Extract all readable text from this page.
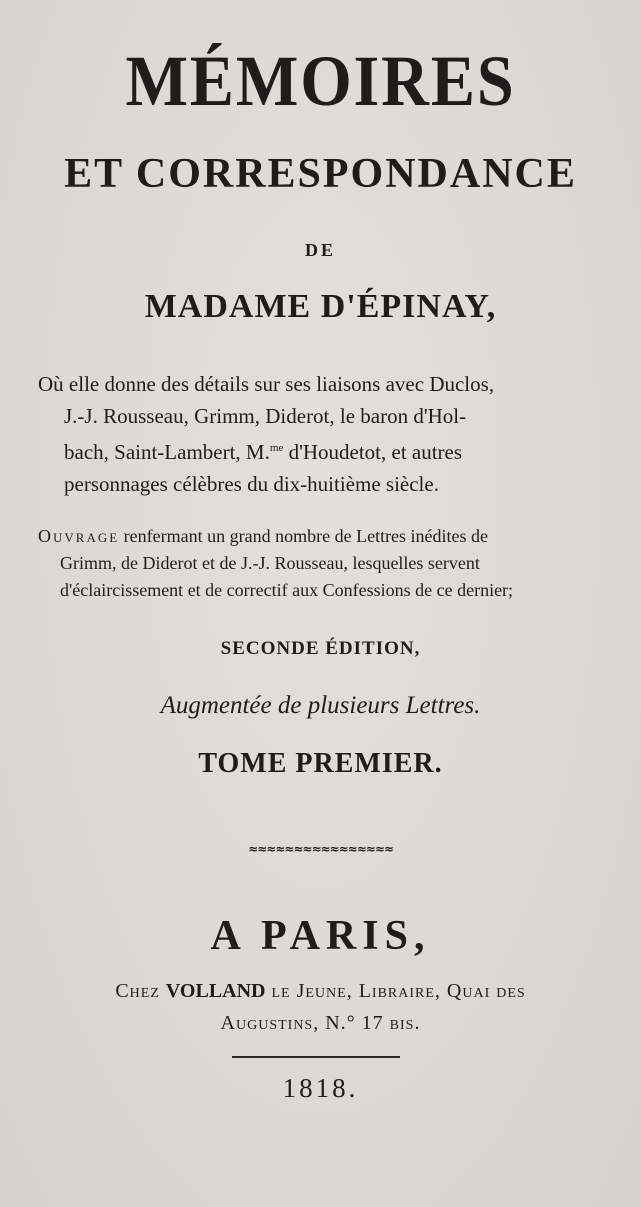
MÉMOIRES
ET CORRESPONDANCE
DE
MADAME D'ÉPINAY,
Où elle donne des détails sur ses liaisons avec Duclos,
J.-J. Rousseau, Grimm, Diderot, le baron d'Hol-
bach, Saint-Lambert, M.$^{me}$ d'Houdetot, et autres
personnages célèbres du dix-huitième siècle.
Ouvrage renfermant un grand nombre de Lettres inédites de
Grimm, de Diderot et de J.-J. Rousseau, lesquelles servent
d'éclaircissement et de correctif aux Confessions de ce dernier;
SECONDE ÉDITION,
Augmentée de plusieurs Lettres.
TOME PREMIER.
≈≈≈≈≈≈≈≈≈≈≈≈≈≈≈≈
A PARIS,
Chez VOLLAND le Jeune, Libraire, Quai des
Augustins, N.° 17 bis.
1818.
